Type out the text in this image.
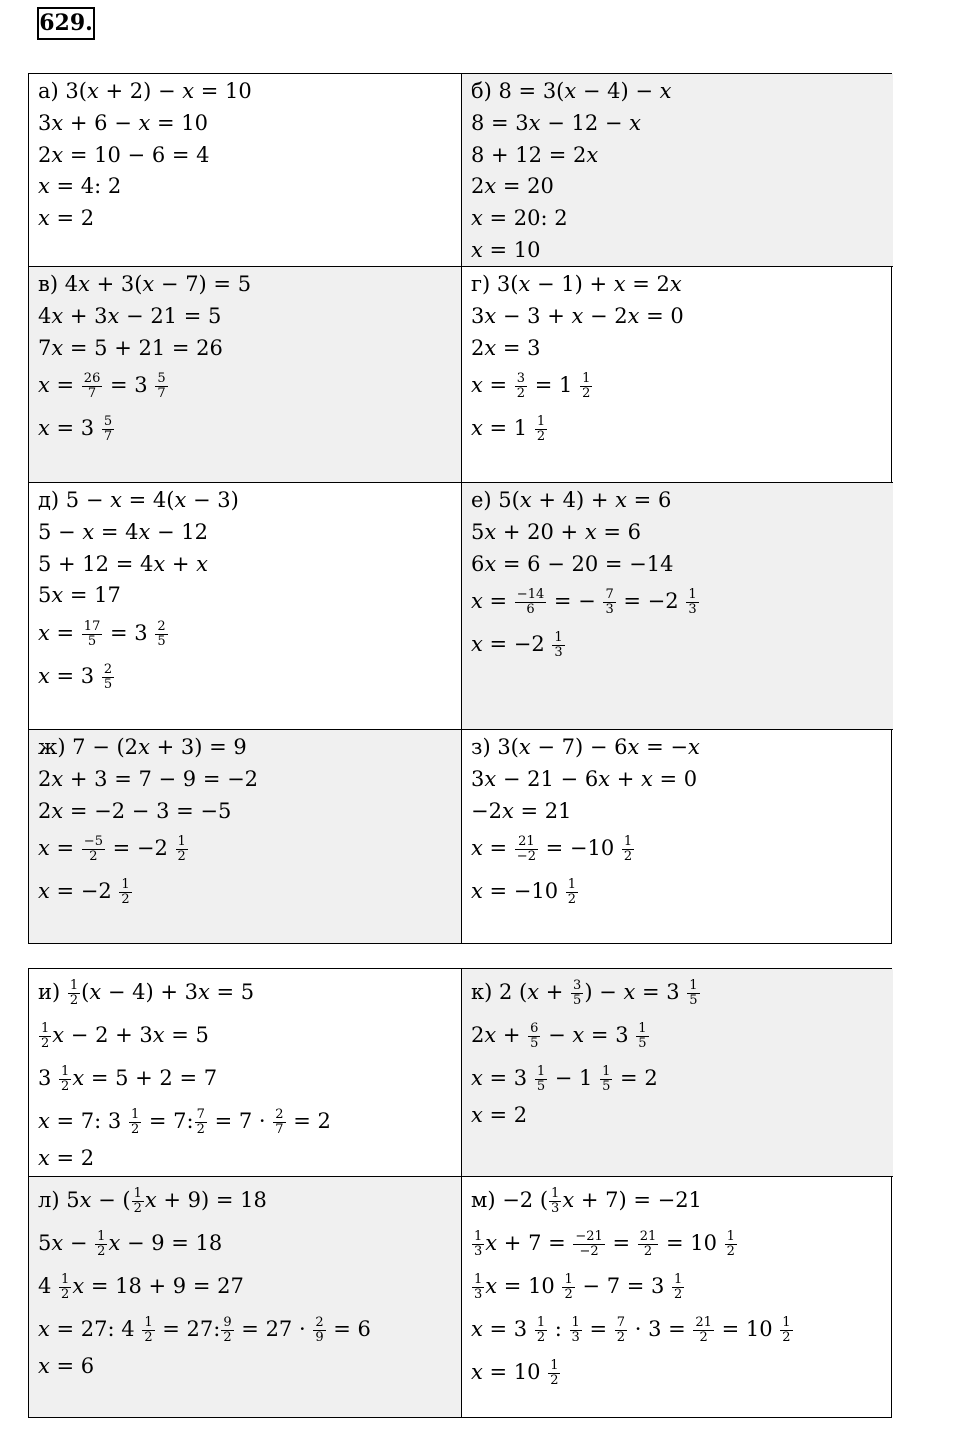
629.
а) 3(x + 2) − x = 10
3x + 6 − x = 10
2x = 10 − 6 = 4
x = 4: 2
x = 2
б) 8 = 3(x − 4) − x
8 = 3x − 12 − x
8 + 12 = 2x
2x = 20
x = 20: 2
x = 10
в) 4x + 3(x − 7) = 5
4x + 3x − 21 = 5
7x = 5 + 21 = 26
$x = \frac{26}{7} = 3 \frac{5}{7}$
$x = 3 \frac{5}{7}$
г) 3(x − 1) + x = 2x
3x − 3 + x − 2x = 0
2x = 3
$x = \frac{3}{2} = 1 \frac{1}{2}$
$x = 1 \frac{1}{2}$
д) 5 − x = 4(x − 3)
5 − x = 4x − 12
5 + 12 = 4x + x
5x = 17
$x = \frac{17}{5} = 3 \frac{2}{5}$
$x = 3 \frac{2}{5}$
е) 5(x + 4) + x = 6
5x + 20 + x = 6
6x = 6 − 20 = −14
$x = \frac{-14}{6}$ = − $\frac{7}{3} = -2 \frac{1}{3}$
$x = -2 \frac{1}{3}$
ж) 7 − (2x + 3) = 9
2x + 3 = 7 − 9 = −2
2x = −2 − 3 = −5
$x = \frac{-5}{2} = -2 \frac{1}{2}$
$x = -2 \frac{1}{2}$
з) 3(x − 7) − 6x = −x
3x − 21 − 6x + x = 0
−2x = 21
$x = \frac{21}{-2} = -10 \frac{1}{2}$
$x = -10 \frac{1}{2}$
$и) \frac{1}{2} (x - 4) + 3x = 5$
$\frac{1}{2}$ x − 2 + 3x = 5
$3 \frac{1}{2}$ x = 5 + 2 = 7
x = 7: $3 \frac{1}{2} = 7$: $\frac{7}{2} = 7 \cdot \frac{2}{7} = 2$
x = 2
к) 2 ($x + \frac{3}{5}$ ) − $x = 3 \frac{1}{5}$
$2x + \frac{6}{5} - x = 3 \frac{1}{5}$
$x = 3 \frac{1}{5} - 1 \frac{1}{5} = 2$
x = 2
л) 5x − ( $\frac{1}{2}$ x + 9) = 18
$5x - \frac{1}{2}$ x − 9 = 18
$4 \frac{1}{2}$ x = 18 + 9 = 27
x = 27: $4 \frac{1}{2} = 27$: $\frac{9}{2} = 27 \cdot \frac{2}{9} = 6$
x = 6
м) −2 ( $\frac{1}{3}$ x + 7) = −21
$\frac{1}{3}$ $x + 7 = \frac{-21}{-2} = \frac{21}{2} = 10 \frac{1}{2}$
$\frac{1}{3}$ $x = 10 \frac{1}{2} - 7 = 3 \frac{1}{2}$
$x = 3 \frac{1}{2}$ : $\frac{1}{3} = \frac{7}{2} \cdot 3 = \frac{21}{2} = 10 \frac{1}{2}$
$x = 10 \frac{1}{2}$
